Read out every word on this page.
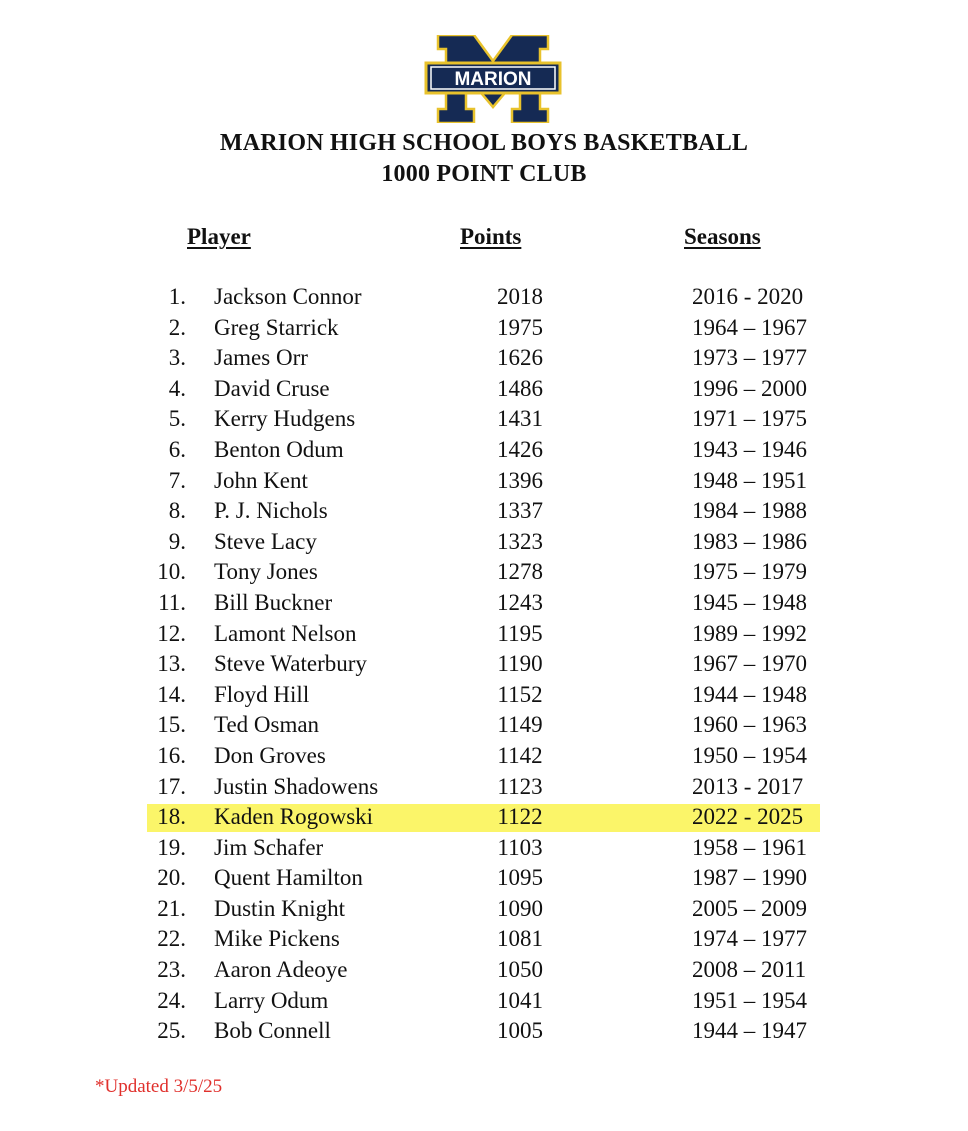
MARION
MARION HIGH SCHOOL BOYS BASKETBALL
1000 POINT CLUB
Player	Points	Seasons
1. Jackson Connor	2018	2016 - 2020
2. Greg Starrick	1975	1964 – 1967
3. James Orr	1626	1973 – 1977
4. David Cruse	1486	1996 – 2000
5. Kerry Hudgens	1431	1971 – 1975
6. Benton Odum	1426	1943 – 1946
7. John Kent	1396	1948 – 1951
8. P. J. Nichols	1337	1984 – 1988
9. Steve Lacy	1323	1983 – 1986
10. Tony Jones	1278	1975 – 1979
11. Bill Buckner	1243	1945 – 1948
12. Lamont Nelson	1195	1989 – 1992
13. Steve Waterbury	1190	1967 – 1970
14. Floyd Hill	1152	1944 – 1948
15. Ted Osman	1149	1960 – 1963
16. Don Groves	1142	1950 – 1954
17. Justin Shadowens	1123	2013 - 2017
18. Kaden Rogowski	1122	2022 - 2025
19. Jim Schafer	1103	1958 – 1961
20. Quent Hamilton	1095	1987 – 1990
21. Dustin Knight	1090	2005 – 2009
22. Mike Pickens	1081	1974 – 1977
23. Aaron Adeoye	1050	2008 – 2011
24. Larry Odum	1041	1951 – 1954
25. Bob Connell	1005	1944 – 1947
*Updated 3/5/25
